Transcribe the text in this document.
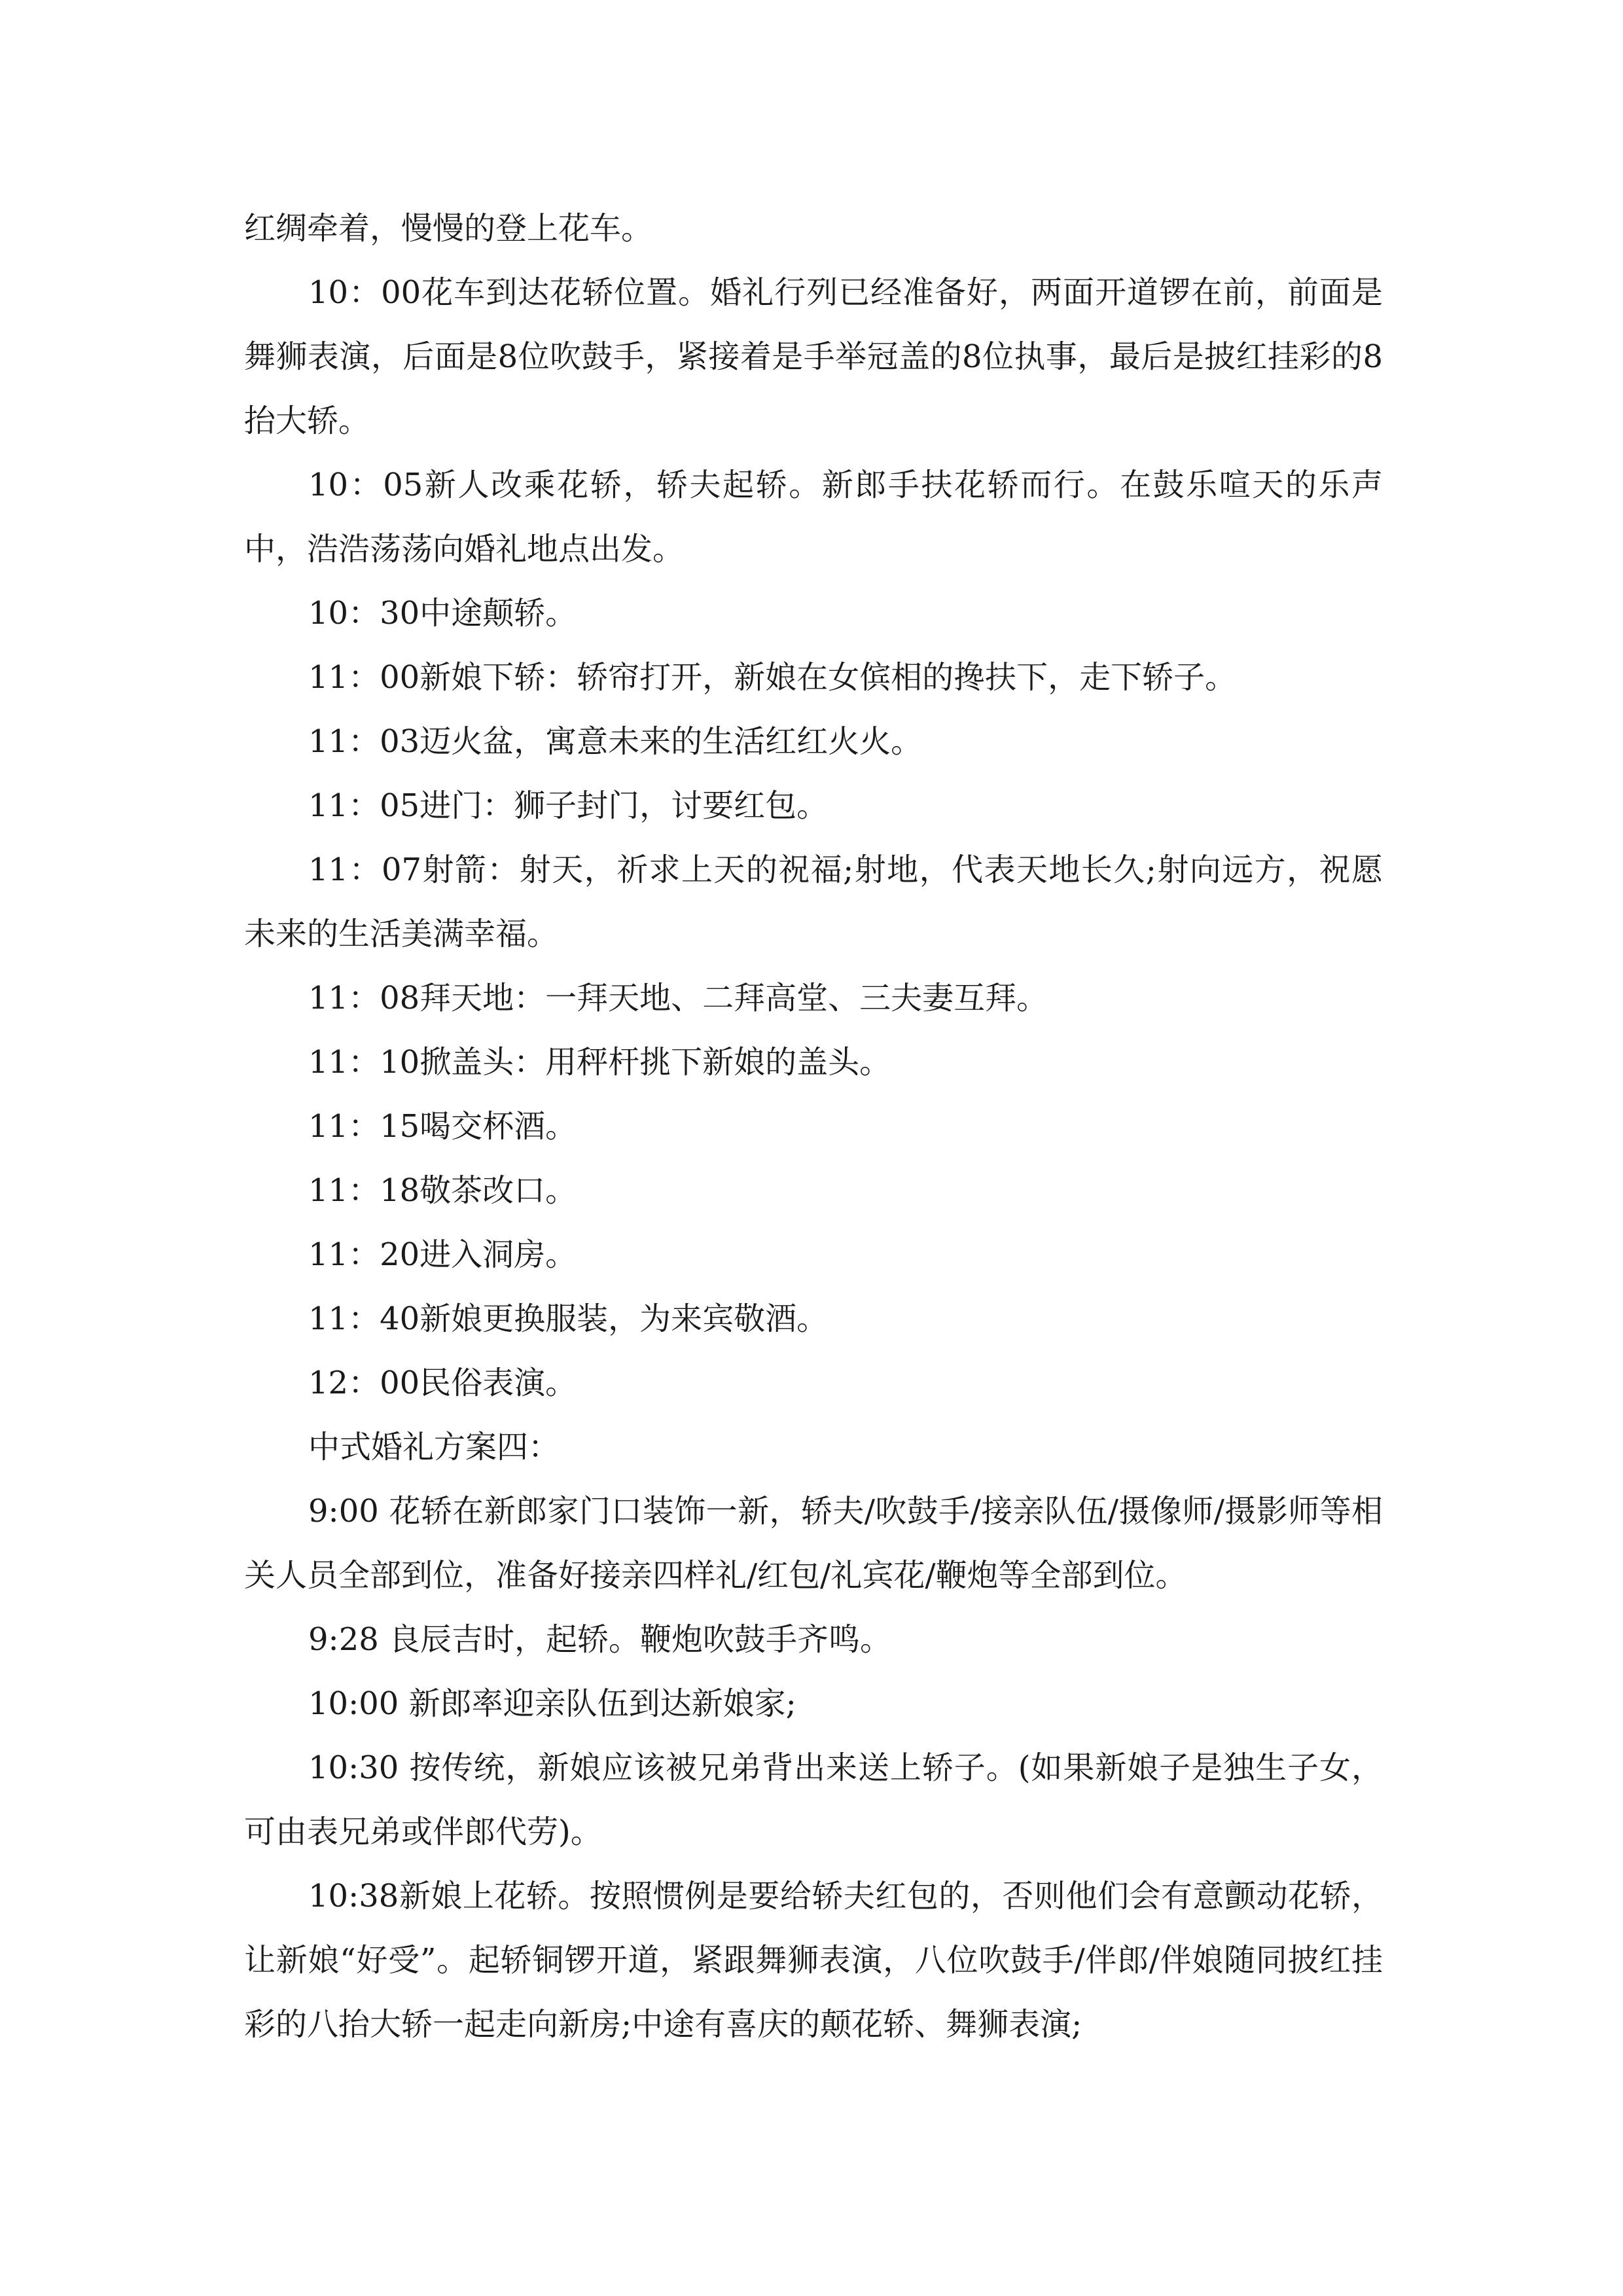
红绸牵着，慢慢的登上花车。

10：00花车到达花轿位置。婚礼行列已经准备好，两面开道锣在前，前面是舞狮表演，后面是8位吹鼓手，紧接着是手举冠盖的8位执事，最后是披红挂彩的8抬大轿。

10：05新人改乘花轿，轿夫起轿。新郎手扶花轿而行。在鼓乐喧天的乐声中，浩浩荡荡向婚礼地点出发。

10：30中途颠轿。

11：00新娘下轿：轿帘打开，新娘在女傧相的搀扶下，走下轿子。

11：03迈火盆，寓意未来的生活红红火火。

11：05进门：狮子封门，讨要红包。

11：07射箭：射天，祈求上天的祝福;射地，代表天地长久;射向远方，祝愿未来的生活美满幸福。

11：08拜天地：一拜天地、二拜高堂、三夫妻互拜。

11：10掀盖头：用秤杆挑下新娘的盖头。

11：15喝交杯酒。

11：18敬茶改口。

11：20进入洞房。

11：40新娘更换服装，为来宾敬酒。

12：00民俗表演。

中式婚礼方案四：

9:00 花轿在新郎家门口装饰一新，轿夫/吹鼓手/接亲队伍/摄像师/摄影师等相关人员全部到位，准备好接亲四样礼/红包/礼宾花/鞭炮等全部到位。

9:28 良辰吉时，起轿。鞭炮吹鼓手齐鸣。

10:00 新郎率迎亲队伍到达新娘家;

10:30 按传统，新娘应该被兄弟背出来送上轿子。(如果新娘子是独生子女，可由表兄弟或伴郎代劳)。

10:38新娘上花轿。按照惯例是要给轿夫红包的，否则他们会有意颤动花轿，让新娘“好受”。起轿铜锣开道，紧跟舞狮表演，八位吹鼓手/伴郎/伴娘随同披红挂彩的八抬大轿一起走向新房;中途有喜庆的颠花轿、舞狮表演;
